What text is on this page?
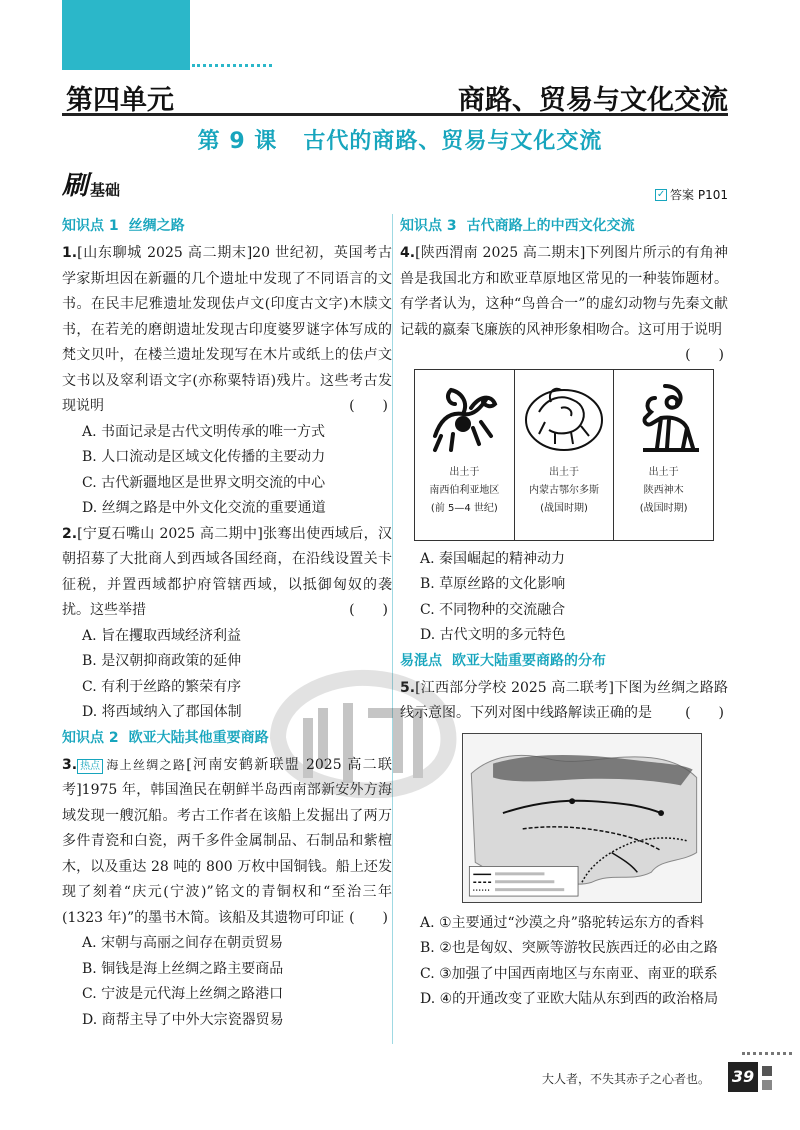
第四单元	商路、贸易与文化交流
第 9 课 古代的商路、贸易与文化交流
刷 基础	✓ 答案 P101
知识点 1 丝绸之路
1.[山东聊城 2025 高二期末]20 世纪初，英国考古学家斯坦因在新疆的几个遗址中发现了不同语言的文书。在民丰尼雅遗址发现佉卢文(印度古文字)木牍文书，在若羌的磨朗遗址发现古印度婆罗谜字体写成的梵文贝叶，在楼兰遗址发现写在木片或纸上的佉卢文文书以及窣利语文字(亦称粟特语)残片。这些考古发现说明	(　　)
A. 书面记录是古代文明传承的唯一方式
B. 人口流动是区域文化传播的主要动力
C. 古代新疆地区是世界文明交流的中心
D. 丝绸之路是中外文化交流的重要通道
2.[宁夏石嘴山 2025 高二期中]张骞出使西域后，汉朝招募了大批商人到西域各国经商，在沿线设置关卡征税，并置西域都护府管辖西域，以抵御匈奴的袭扰。这些举措	(　　)
A. 旨在攫取西域经济利益
B. 是汉朝抑商政策的延伸
C. 有利于丝路的繁荣有序
D. 将西域纳入了郡国体制
知识点 2 欧亚大陆其他重要商路
3. 热点 海上丝绸之路[河南安鹤新联盟 2025 高二联考]1975 年，韩国渔民在朝鲜半岛西南部新安外方海域发现一艘沉船。考古工作者在该船上发掘出了两万多件青瓷和白瓷，两千多件金属制品、石制品和紫檀木，以及重达 28 吨的 800 万枚中国铜钱。船上还发现了刻着“庆元(宁波)”铭文的青铜权和“至治三年(1323 年)”的墨书木简。该船及其遗物可印证 (　　)
A. 宋朝与高丽之间存在朝贡贸易
B. 铜钱是海上丝绸之路主要商品
C. 宁波是元代海上丝绸之路港口
D. 商帮主导了中外大宗瓷器贸易
知识点 3 古代商路上的中西文化交流
4.[陕西渭南 2025 高二期末]下列图片所示的有角神兽是我国北方和欧亚草原地区常见的一种装饰题材。有学者认为，这种“鸟兽合一”的虚幻动物与先秦文献记载的嬴秦飞廉族的风神形象相吻合。这可用于说明
(　　)
出土于
南西伯利亚地区
(前 5—4 世纪)
出土于
内蒙古鄂尔多斯
(战国时期)
出土于
陕西神木
(战国时期)
A. 秦国崛起的精神动力
B. 草原丝路的文化影响
C. 不同物种的交流融合
D. 古代文明的多元特色
易混点 欧亚大陆重要商路的分布
5.[江西部分学校 2025 高二联考]下图为丝绸之路路线示意图。下列对图中线路解读正确的是 (　　)
A. ①主要通过“沙漠之舟”骆驼转运东方的香料
B. ②也是匈奴、突厥等游牧民族西迁的必由之路
C. ③加强了中国西南地区与东南亚、南亚的联系
D. ④的开通改变了亚欧大陆从东到西的政治格局
大人者，不失其赤子之心者也。 39
